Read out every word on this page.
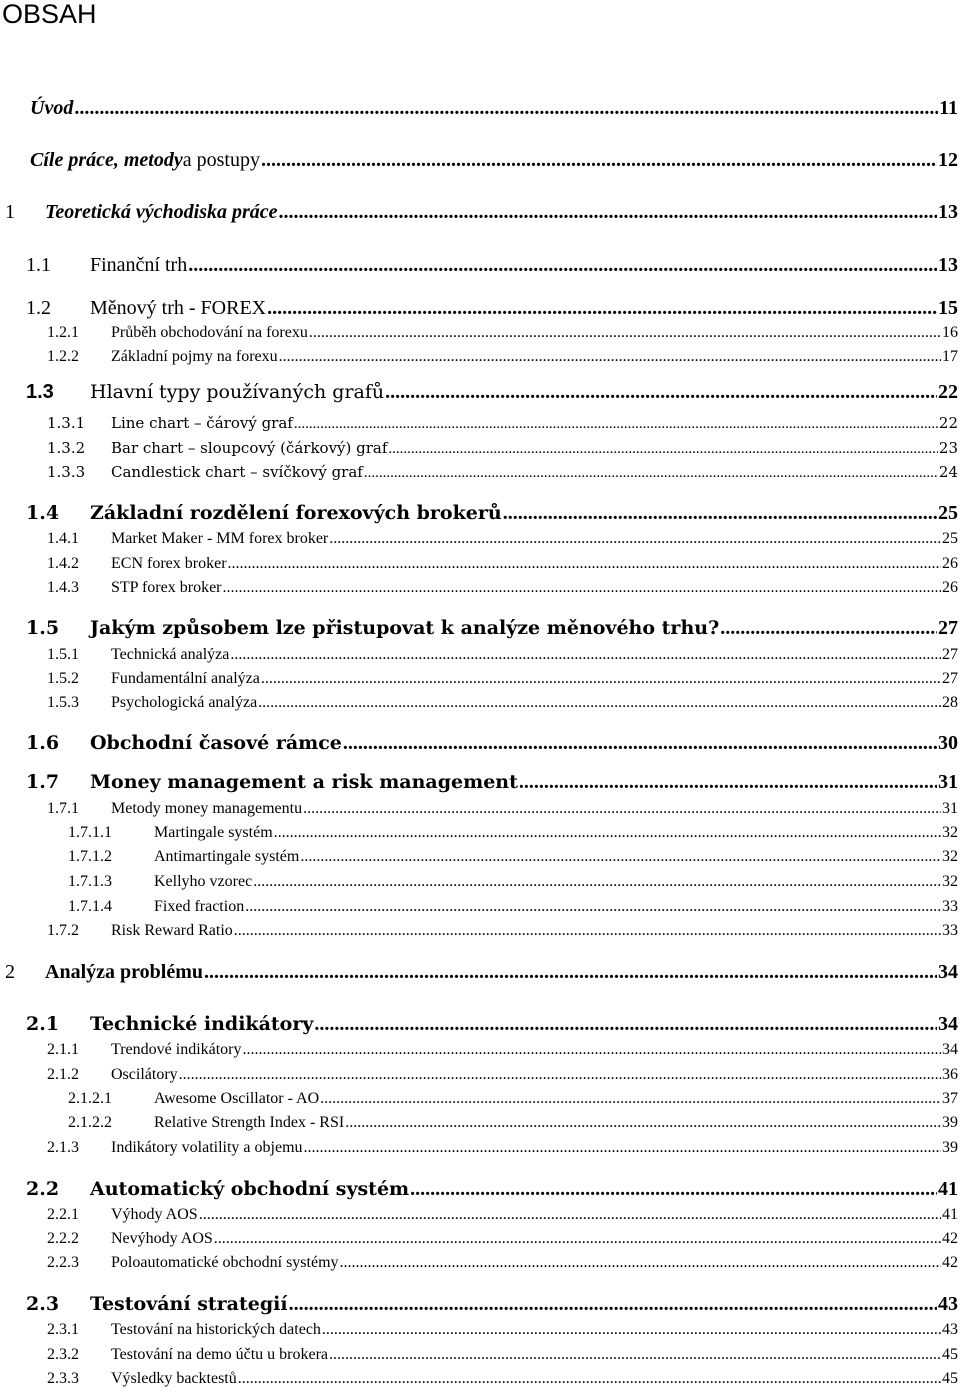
OBSAH
Úvod .....	11
Cíle práce, metody a postupy .....	12
1	Teoretická východiska práce .....	13
1.1	Finanční trh .....	13
1.2	Měnový trh - FOREX .....	15
1.2.1	Průběh obchodování na forexu .....	16
1.2.2	Základní pojmy na forexu .....	17
1.3	Hlavní typy používaných grafů .....	22
1.3.1	Line chart – čárový graf .....	22
1.3.2	Bar chart – sloupcový (čárkový) graf .....	23
1.3.3	Candlestick chart – svíčkový graf .....	24
1.4	Základní rozdělení forexových brokerů .....	25
1.4.1	Market Maker - MM forex broker .....	25
1.4.2	ECN forex broker .....	26
1.4.3	STP forex broker .....	26
1.5	Jakým způsobem lze přistupovat k analýze měnového trhu? .....	27
1.5.1	Technická analýza .....	27
1.5.2	Fundamentální analýza .....	27
1.5.3	Psychologická analýza .....	28
1.6	Obchodní časové rámce .....	30
1.7	Money management a risk management .....	31
1.7.1	Metody money managementu .....	31
1.7.1.1	Martingale systém .....	32
1.7.1.2	Antimartingale systém .....	32
1.7.1.3	Kellyho vzorec .....	32
1.7.1.4	Fixed fraction .....	33
1.7.2	Risk Reward Ratio .....	33
2	Analýza problému .....	34
2.1	Technické indikátory .....	34
2.1.1	Trendové indikátory .....	34
2.1.2	Oscilátory .....	36
2.1.2.1	Awesome Oscillator - AO .....	37
2.1.2.2	Relative Strength Index - RSI .....	39
2.1.3	Indikátory volatility a objemu .....	39
2.2	Automatický obchodní systém .....	41
2.2.1	Výhody AOS .....	41
2.2.2	Nevýhody AOS .....	42
2.2.3	Poloautomatické obchodní systémy .....	42
2.3	Testování strategií .....	43
2.3.1	Testování na historických datech .....	43
2.3.2	Testování na demo účtu u brokera .....	45
2.3.3	Výsledky backtestů .....	45
